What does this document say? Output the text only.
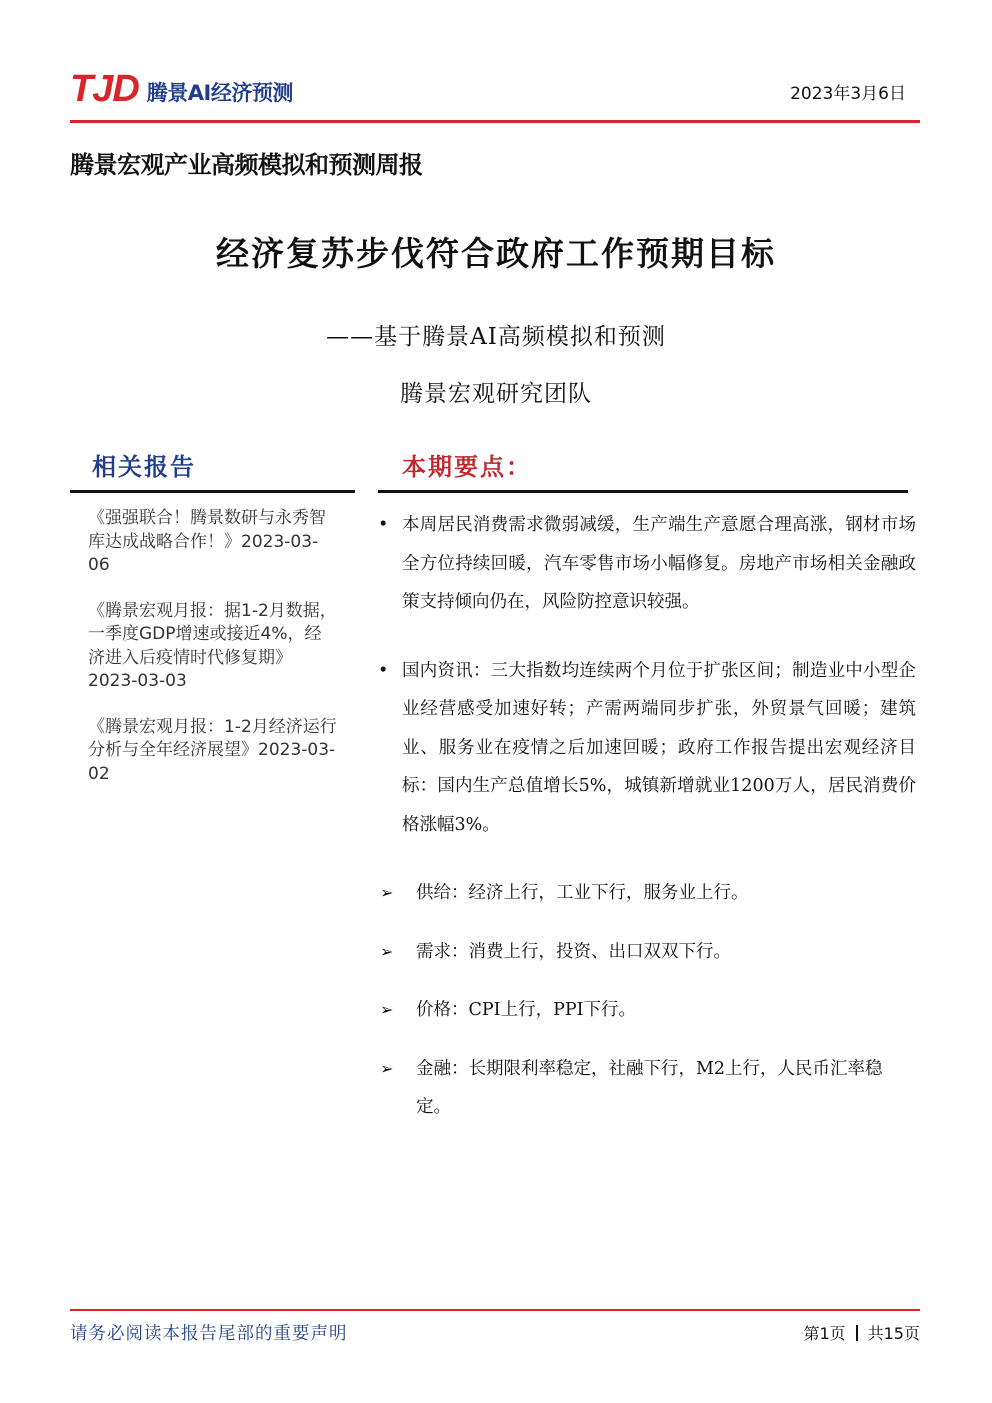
TJD 腾景AI经济预测	2023年3月6日
腾景宏观产业高频模拟和预测周报
经济复苏步伐符合政府工作预期目标
——基于腾景AI高频模拟和预测
腾景宏观研究团队
相关报告
《强强联合！腾景数研与永秀智库达成战略合作！》2023-03-06
《腾景宏观月报：据1-2月数据，一季度GDP增速或接近4%，经济进入后疫情时代修复期》2023-03-03
《腾景宏观月报：1-2月经济运行分析与全年经济展望》2023-03-02
本期要点：
• 本周居民消费需求微弱减缓，生产端生产意愿合理高涨，钢材市场全方位持续回暖，汽车零售市场小幅修复。房地产市场相关金融政策支持倾向仍在，风险防控意识较强。
• 国内资讯：三大指数均连续两个月位于扩张区间；制造业中小型企业经营感受加速好转；产需两端同步扩张，外贸景气回暖；建筑业、服务业在疫情之后加速回暖；政府工作报告提出宏观经济目标：国内生产总值增长5%，城镇新增就业1200万人，居民消费价格涨幅3%。
➢ 供给：经济上行，工业下行，服务业上行。
➢ 需求：消费上行，投资、出口双双下行。
➢ 价格：CPI上行，PPI下行。
➢ 金融：长期限利率稳定，社融下行，M2上行，人民币汇率稳定。
请务必阅读本报告尾部的重要声明	第1页 共15页
